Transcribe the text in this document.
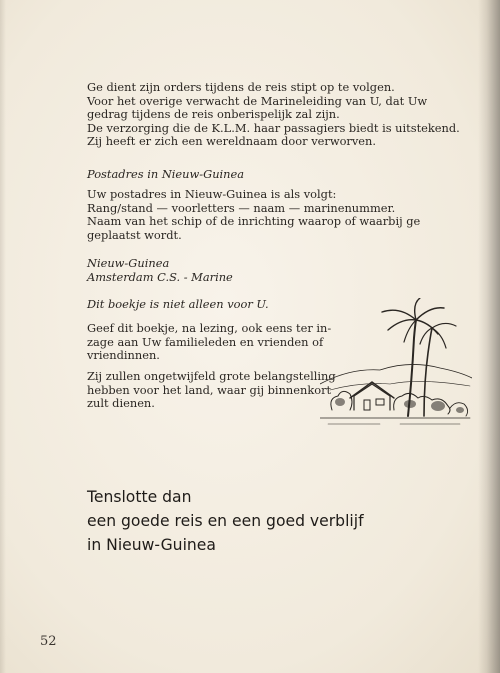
Ge dient zijn orders tijdens de reis stipt op te volgen.
Voor het overige verwacht de Marineleiding van U, dat Uw
gedrag tijdens de reis onberispelijk zal zijn.
De verzorging die de K.L.M. haar passagiers biedt is uitstekend.
Zij heeft er zich een wereldnaam door verworven.
Postadres in Nieuw-Guinea
Uw postadres in Nieuw-Guinea is als volgt:
Rang/stand — voorletters — naam — marinenummer.
Naam van het schip of de inrichting waarop of waarbij ge
geplaatst wordt.
Nieuw-Guinea
Amsterdam C.S. - Marine
Dit boekje is niet alleen voor U.
Geef dit boekje, na lezing, ook eens ter in-
zage aan Uw familieleden en vrienden of
vriendinnen.
Zij zullen ongetwijfeld grote belangstelling
hebben voor het land, waar gij binnenkort
zult dienen.
Tenslotte dan
een goede reis en een goed verblijf
in Nieuw-Guinea
52
